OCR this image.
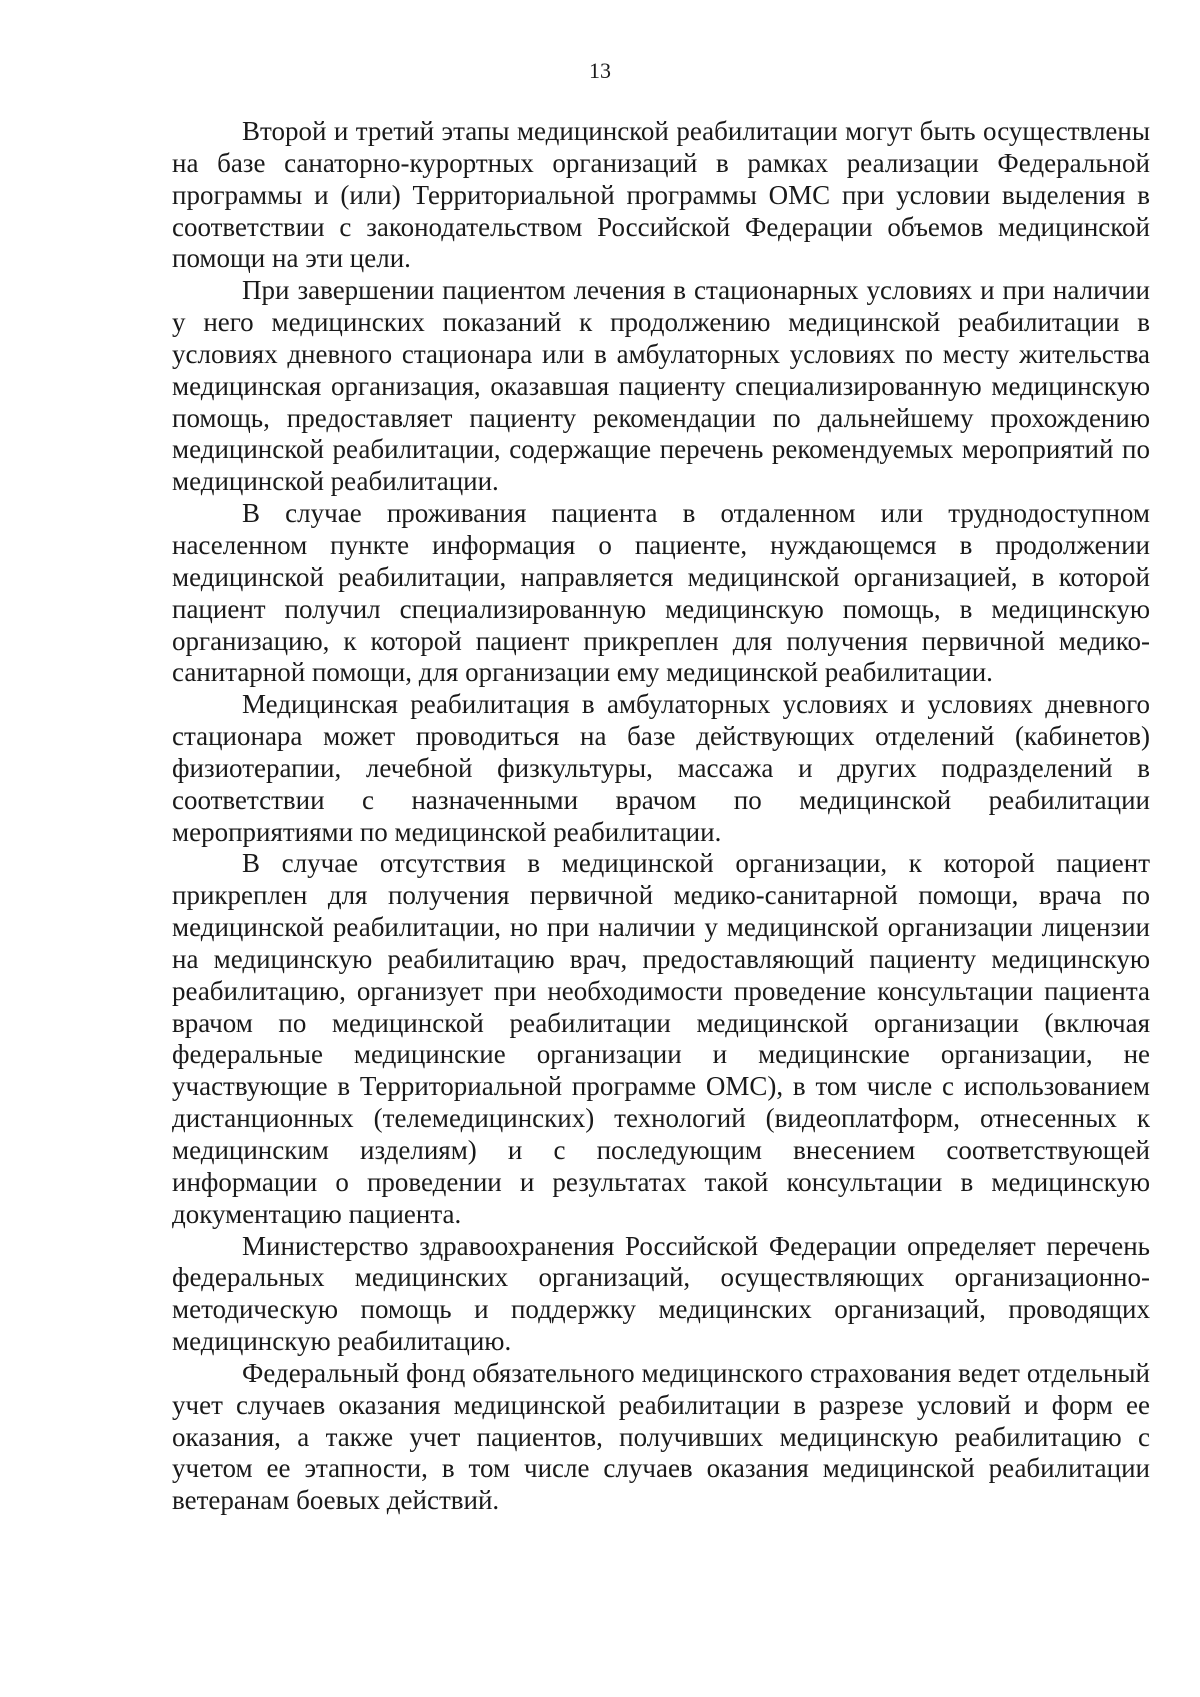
13

Второй и третий этапы медицинской реабилитации могут быть осуществлены на базе санаторно-курортных организаций в рамках реализации Федеральной программы и (или) Территориальной программы ОМС при условии выделения в соответствии с законодательством Российской Федерации объемов медицинской помощи на эти цели.

При завершении пациентом лечения в стационарных условиях и при наличии у него медицинских показаний к продолжению медицинской реабилитации в условиях дневного стационара или в амбулаторных условиях по месту жительства медицинская организация, оказавшая пациенту специализированную медицинскую помощь, предоставляет пациенту рекомендации по дальнейшему прохождению медицинской реабилитации, содержащие перечень рекомендуемых мероприятий по медицинской реабилитации.

В случае проживания пациента в отдаленном или труднодоступном населенном пункте информация о пациенте, нуждающемся в продолжении медицинской реабилитации, направляется медицинской организацией, в которой пациент получил специализированную медицинскую помощь, в медицинскую организацию, к которой пациент прикреплен для получения первичной медико-санитарной помощи, для организации ему медицинской реабилитации.

Медицинская реабилитация в амбулаторных условиях и условиях дневного стационара может проводиться на базе действующих отделений (кабинетов) физиотерапии, лечебной физкультуры, массажа и других подразделений в соответствии с назначенными врачом по медицинской реабилитации мероприятиями по медицинской реабилитации.

В случае отсутствия в медицинской организации, к которой пациент прикреплен для получения первичной медико-санитарной помощи, врача по медицинской реабилитации, но при наличии у медицинской организации лицензии на медицинскую реабилитацию врач, предоставляющий пациенту медицинскую реабилитацию, организует при необходимости проведение консультации пациента врачом по медицинской реабилитации медицинской организации (включая федеральные медицинские организации и медицинские организации, не участвующие в Территориальной программе ОМС), в том числе с использованием дистанционных (телемедицинских) технологий (видеоплатформ, отнесенных к медицинским изделиям) и с последующим внесением соответствующей информации о проведении и результатах такой консультации в медицинскую документацию пациента.

Министерство здравоохранения Российской Федерации определяет перечень федеральных медицинских организаций, осуществляющих организационно-методическую помощь и поддержку медицинских организаций, проводящих медицинскую реабилитацию.

Федеральный фонд обязательного медицинского страхования ведет отдельный учет случаев оказания медицинской реабилитации в разрезе условий и форм ее оказания, а также учет пациентов, получивших медицинскую реабилитацию с учетом ее этапности, в том числе случаев оказания медицинской реабилитации ветеранам боевых действий.
